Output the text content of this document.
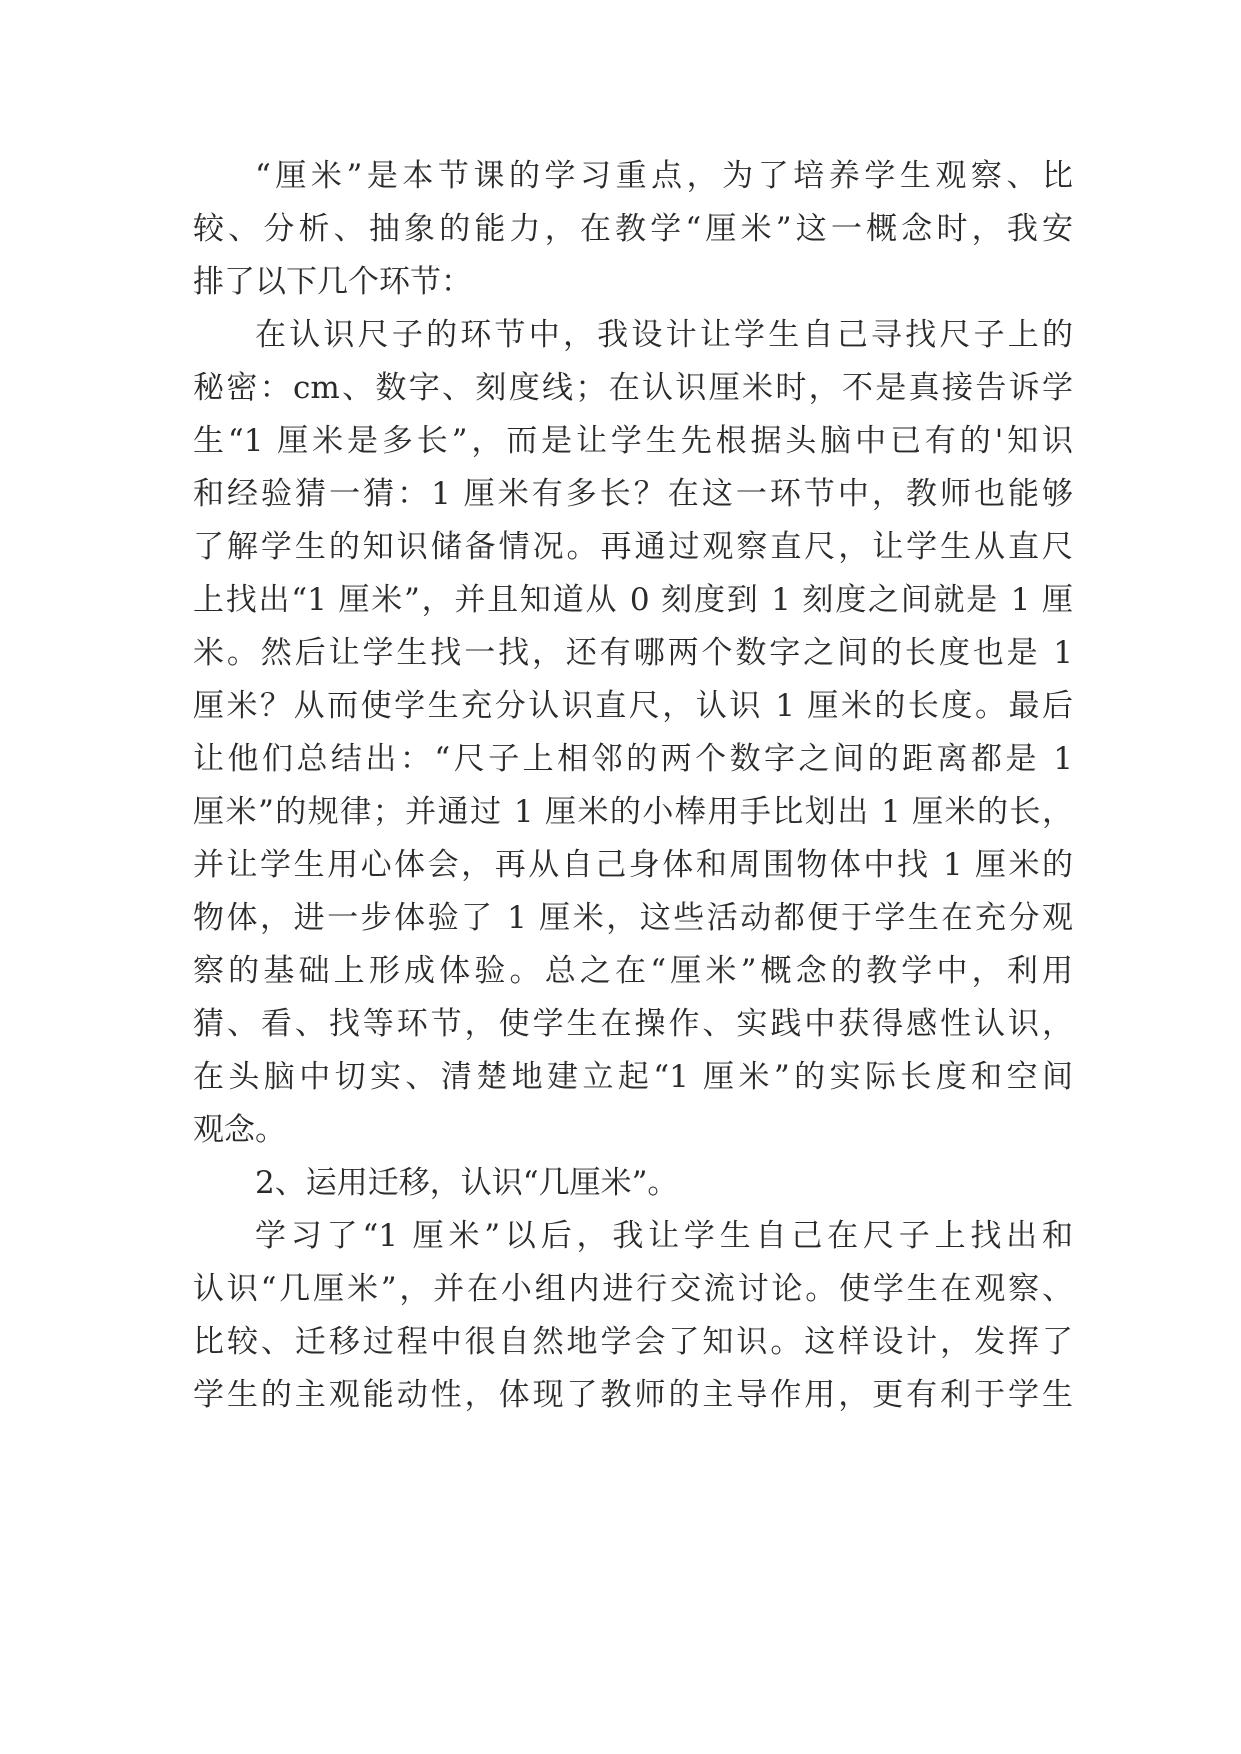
“厘米”是本节课的学习重点，为了培养学生观察、比

较、分析、抽象的能力，在教学“厘米”这一概念时，我安

排了以下几个环节：

在认识尺子的环节中，我设计让学生自己寻找尺子上的

秘密：cm、数字、刻度线；在认识厘米时，不是真接告诉学

生“1 厘米是多长”，而是让学生先根据头脑中已有的'知识

和经验猜一猜：1 厘米有多长？在这一环节中，教师也能够

了解学生的知识储备情况。再通过观察直尺，让学生从直尺

上找出“1 厘米”，并且知道从 0 刻度到 1 刻度之间就是 1 厘

米。然后让学生找一找，还有哪两个数字之间的长度也是 1

厘米？从而使学生充分认识直尺，认识 1 厘米的长度。最后

让他们总结出：“尺子上相邻的两个数字之间的距离都是 1

厘米”的规律；并通过 1 厘米的小棒用手比划出 1 厘米的长，

并让学生用心体会，再从自己身体和周围物体中找 1 厘米的

物体，进一步体验了 1 厘米，这些活动都便于学生在充分观

察的基础上形成体验。总之在“厘米”概念的教学中，利用

猜、看、找等环节，使学生在操作、实践中获得感性认识，

在头脑中切实、清楚地建立起“1 厘米”的实际长度和空间

观念。

2、运用迁移，认识“几厘米”。

学习了“1 厘米”以后，我让学生自己在尺子上找出和

认识“几厘米”，并在小组内进行交流讨论。使学生在观察、

比较、迁移过程中很自然地学会了知识。这样设计，发挥了

学生的主观能动性，体现了教师的主导作用，更有利于学生
